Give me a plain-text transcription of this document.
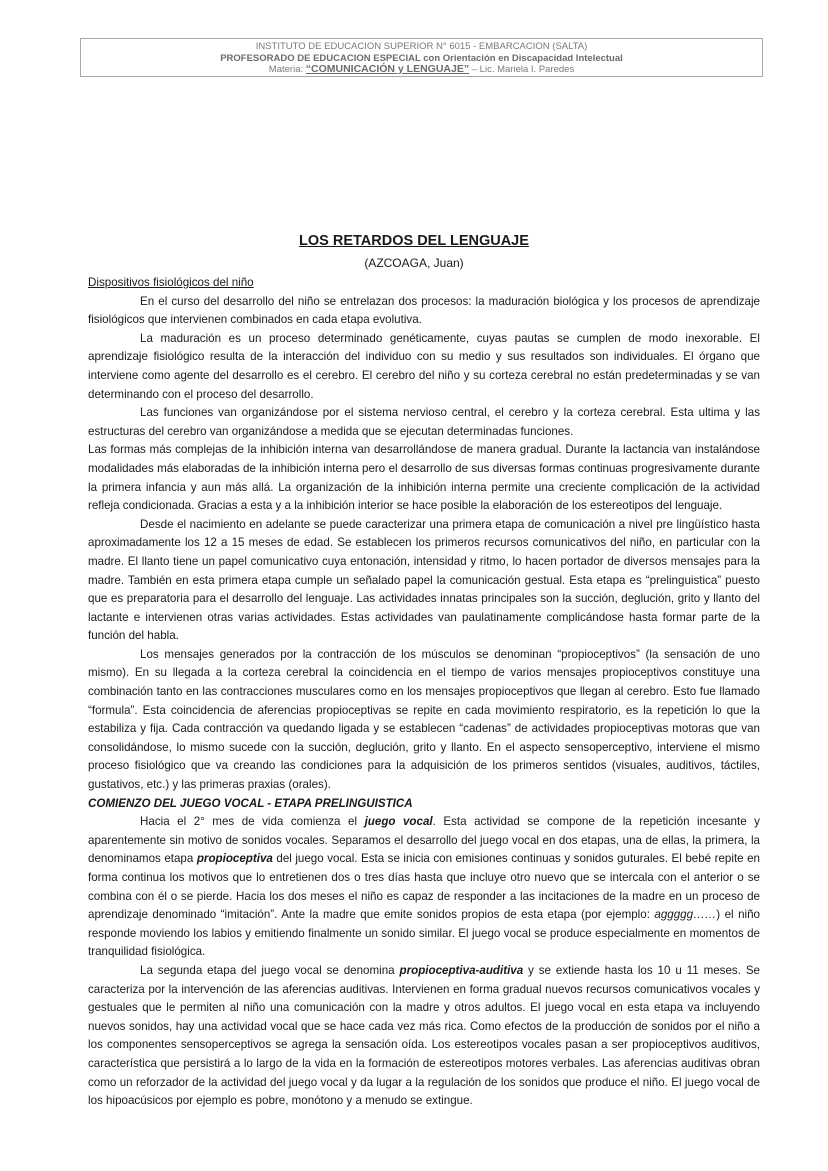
INSTITUTO DE EDUCACION SUPERIOR N° 6015 - EMBARCACION (SALTA)
PROFESORADO DE EDUCACION ESPECIAL con Orientación en Discapacidad Intelectual
Materia: “COMUNICACIÓN y LENGUAJE” – Lic. Mariela I. Paredes
LOS RETARDOS DEL LENGUAJE
(AZCOAGA, Juan)

Dispositivos fisiológicos del niño

En el curso del desarrollo del niño se entrelazan dos procesos: la maduración biológica y los procesos de aprendizaje fisiológicos que intervienen combinados en cada etapa evolutiva.

La maduración es un proceso determinado genéticamente, cuyas pautas se cumplen de modo inexorable. El aprendizaje fisiológico resulta de la interacción del individuo con su medio y sus resultados son individuales. El órgano que interviene como agente del desarrollo es el cerebro. El cerebro del niño y su corteza cerebral no están predeterminadas y se van determinando con el proceso del desarrollo.

Las funciones van organizándose por el sistema nervioso central, el cerebro y la corteza cerebral. Esta ultima y las estructuras del cerebro van organizándose a medida que se ejecutan determinadas funciones.

Las formas más complejas de la inhibición interna van desarrollándose de manera gradual. Durante la lactancia van instalándose modalidades más elaboradas de la inhibición interna pero el desarrollo de sus diversas formas continuas progresivamente durante la primera infancia y aun más allá. La organización de la inhibición interna permite una creciente complicación de la actividad refleja condicionada. Gracias a esta y a la inhibición interior se hace posible la elaboración de los estereotipos del lenguaje.

Desde el nacimiento en adelante se puede caracterizar una primera etapa de comunicación a nivel pre lingüístico hasta aproximadamente los 12 a 15 meses de edad. Se establecen los primeros recursos comunicativos del niño, en particular con la madre. El llanto tiene un papel comunicativo cuya entonación, intensidad y ritmo, lo hacen portador de diversos mensajes para la madre. También en esta primera etapa cumple un señalado papel la comunicación gestual. Esta etapa es “prelinguistica” puesto que es preparatoria para el desarrollo del lenguaje. Las actividades innatas principales son la succión, deglución, grito y llanto del lactante e intervienen otras varias actividades. Estas actividades van paulatinamente complicándose hasta formar parte de la función del habla.

Los mensajes generados por la contracción de los músculos se denominan “propioceptivos” (la sensación de uno mismo). En su llegada a la corteza cerebral la coincidencia en el tiempo de varios mensajes propioceptivos constituye una combinación tanto en las contracciones musculares como en los mensajes propioceptivos que llegan al cerebro. Esto fue llamado “formula”. Esta coincidencia de aferencias propioceptivas se repite en cada movimiento respiratorio, es la repetición lo que la estabiliza y fija. Cada contracción va quedando ligada y se establecen “cadenas” de actividades propioceptivas motoras que van consolidándose, lo mismo sucede con la succión, deglución, grito y llanto. En el aspecto sensoperceptivo, interviene el mismo proceso fisiológico que va creando las condiciones para la adquisición de los primeros sentidos (visuales, auditivos, táctiles, gustativos, etc.) y las primeras praxias (orales).

COMIENZO DEL JUEGO VOCAL - ETAPA PRELINGUISTICA

Hacia el 2° mes de vida comienza el juego vocal. Esta actividad se compone de la repetición incesante y aparentemente sin motivo de sonidos vocales. Separamos el desarrollo del juego vocal en dos etapas, una de ellas, la primera, la denominamos etapa propioceptiva del juego vocal. Esta se inicia con emisiones continuas y sonidos guturales. El bebé repite en forma continua los motivos que lo entretienen dos o tres días hasta que incluye otro nuevo que se intercala con el anterior o se combina con él o se pierde. Hacia los dos meses el niño es capaz de responder a las incitaciones de la madre en un proceso de aprendizaje denominado “imitación”. Ante la madre que emite sonidos propios de esta etapa (por ejemplo: aggggg……) el niño responde moviendo los labios y emitiendo finalmente un sonido similar. El juego vocal se produce especialmente en momentos de tranquilidad fisiológica.

La segunda etapa del juego vocal se denomina propioceptiva-auditiva y se extiende hasta los 10 u 11 meses. Se caracteriza por la intervención de las aferencias auditivas. Intervienen en forma gradual nuevos recursos comunicativos vocales y gestuales que le permiten al niño una comunicación con la madre y otros adultos. El juego vocal en esta etapa va incluyendo nuevos sonidos, hay una actividad vocal que se hace cada vez más rica. Como efectos de la producción de sonidos por el niño a los componentes sensoperceptivos se agrega la sensación oída. Los estereotipos vocales pasan a ser propioceptivos auditivos, característica que persistirá a lo largo de la vida en la formación de estereotipos motores verbales. Las aferencias auditivas obran como un reforzador de la actividad del juego vocal y da lugar a la regulación de los sonidos que produce el niño. El juego vocal de los hipoacúsicos por ejemplo es pobre, monótono y a menudo se extingue.
